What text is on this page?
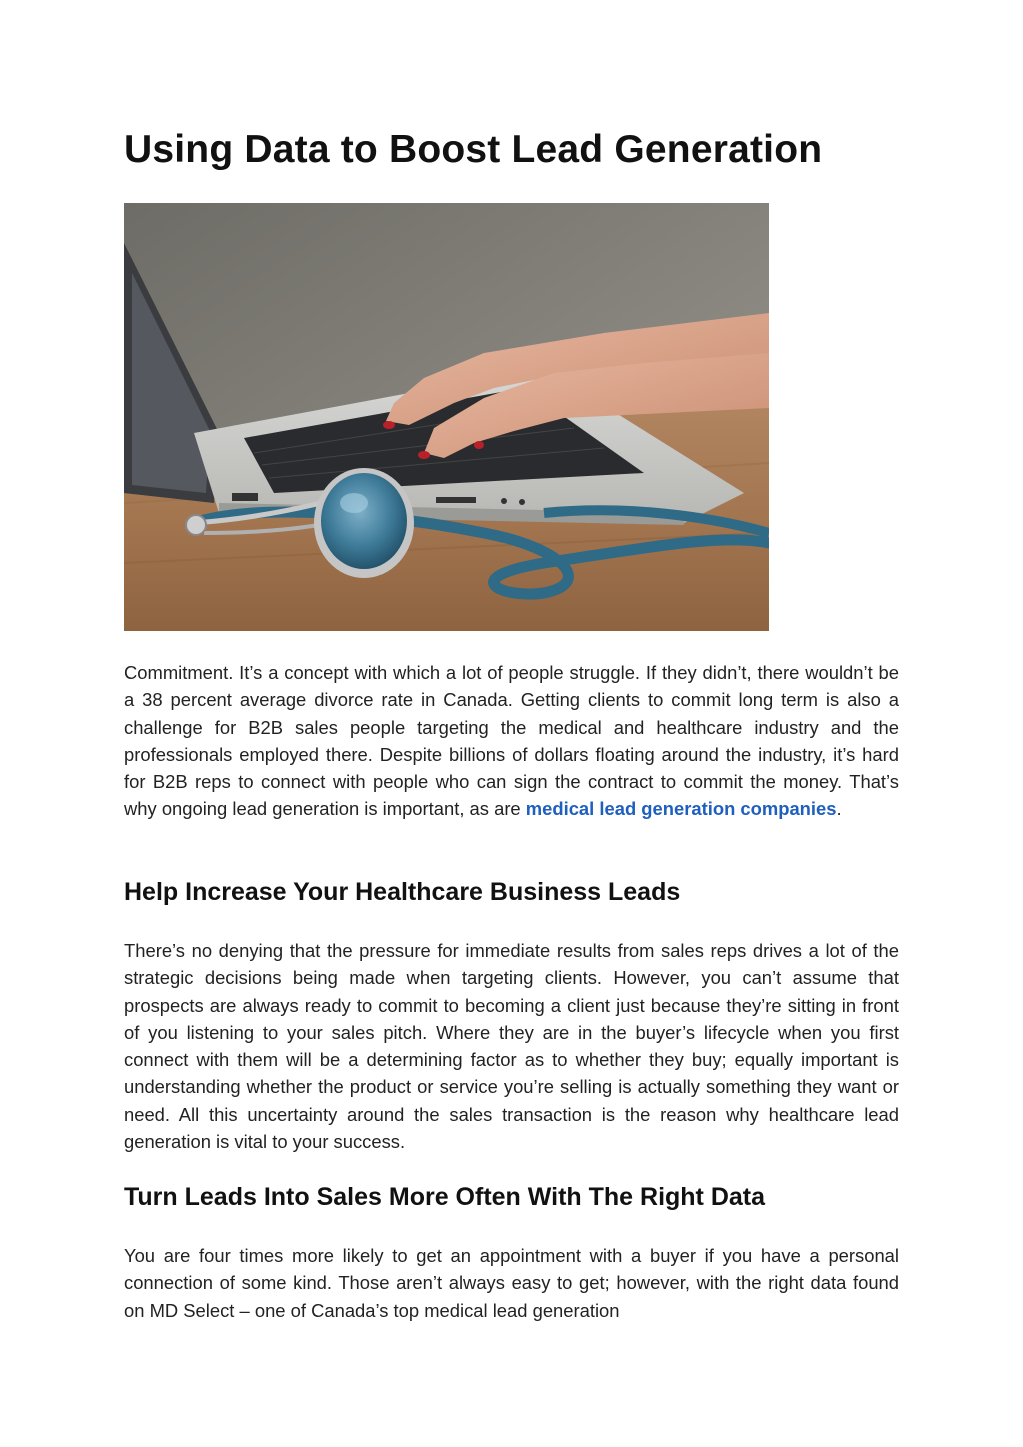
Using Data to Boost Lead Generation

Commitment. It’s a concept with which a lot of people struggle. If they didn’t, there wouldn’t be a 38 percent average divorce rate in Canada. Getting clients to commit long term is also a challenge for B2B sales people targeting the medical and healthcare industry and the professionals employed there. Despite billions of dollars floating around the industry, it’s hard for B2B reps to connect with people who can sign the contract to commit the money. That’s why ongoing lead generation is important, as are medical lead generation companies.

Help Increase Your Healthcare Business Leads

There’s no denying that the pressure for immediate results from sales reps drives a lot of the strategic decisions being made when targeting clients. However, you can’t assume that prospects are always ready to commit to becoming a client just because they’re sitting in front of you listening to your sales pitch. Where they are in the buyer’s lifecycle when you first connect with them will be a determining factor as to whether they buy; equally important is understanding whether the product or service you’re selling is actually something they want or need. All this uncertainty around the sales transaction is the reason why healthcare lead generation is vital to your success.

Turn Leads Into Sales More Often With The Right Data

You are four times more likely to get an appointment with a buyer if you have a personal connection of some kind. Those aren’t always easy to get; however, with the right data found on MD Select – one of Canada’s top medical lead generation
